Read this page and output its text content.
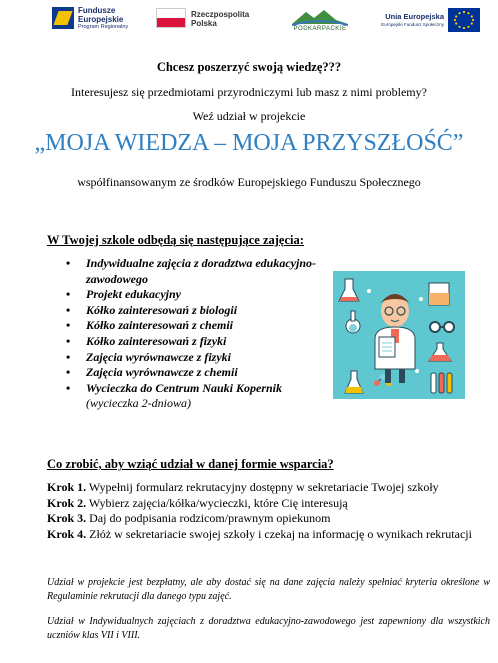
Fundusze
Europejskie
Program Regionalny
Rzeczpospolita
Polska
PODKARPACKIE
Unia Europejska
Europejski Fundusz Społeczny
Chcesz poszerzyć swoją wiedzę???
Interesujesz się przedmiotami przyrodniczymi lub masz z nimi problemy?
Weź udział w projekcie
„MOJA WIEDZA – MOJA PRZYSZŁOŚĆ”
współfinansowanym ze środków Europejskiego Funduszu Społecznego
W Twojej szkole odbędą się następujące zajęcia:
• Indywidualne zajęcia z doradztwa edukacyjno-zawodowego
• Projekt edukacyjny
• Kółko zainteresowań z biologii
• Kółko zainteresowań z chemii
• Kółko zainteresowań z fizyki
• Zajęcia wyrównawcze z fizyki
• Zajęcia wyrównawcze z chemii
• Wycieczka do Centrum Nauki Kopernik
(wycieczka 2-dniowa)
Co zrobić, aby wziąć udział w danej formie wsparcia?
Krok 1. Wypełnij formularz rekrutacyjny dostępny w sekretariacie Twojej szkoły
Krok 2. Wybierz zajęcia/kółka/wycieczki, które Cię interesują
Krok 3. Daj do podpisania rodzicom/prawnym opiekunom
Krok 4. Złóż w sekretariacie swojej szkoły i czekaj na informację o wynikach rekrutacji
Udział w projekcie jest bezpłatny, ale aby dostać się na dane zajęcia należy spełniać kryteria określone w Regulaminie rekrutacji dla danego typu zajęć.
Udział w Indywidualnych zajęciach z doradztwa edukacyjno-zawodowego jest zapewniony dla wszystkich uczniów klas VII i VIII.
